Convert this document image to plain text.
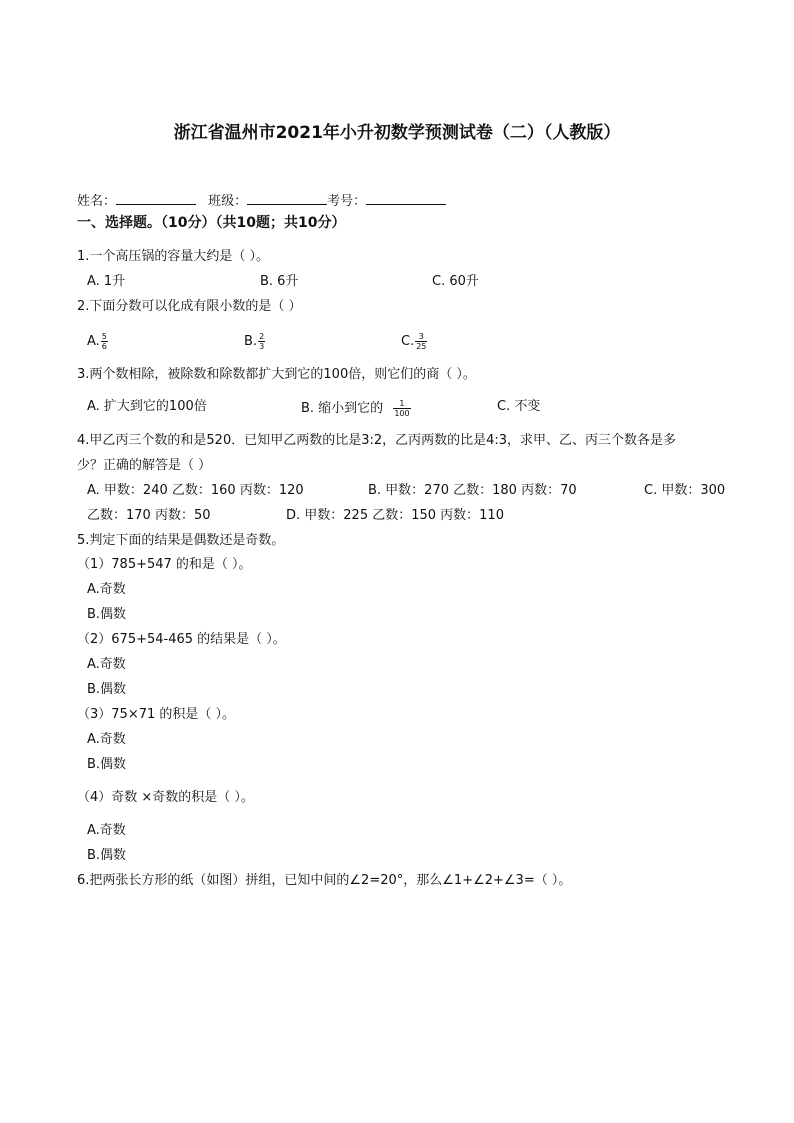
浙江省温州市2021年小升初数学预测试卷（二）（人教版）
姓名：	班级：	考号：
一、选择题。（10分）（共10题；共10分）
1.一个高压锅的容量大约是（ ）。
A. 1升	B. 6升	C. 60升
2.下面分数可以化成有限小数的是（ ）
A. $\frac{5}{6}$	B. $\frac{2}{3}$	C. $\frac{3}{25}$
3.两个数相除，被除数和除数都扩大到它的100倍，则它们的商（ ）。
A. 扩大到它的100倍	B. 缩小到它的 $\frac{1}{100}$	C. 不变
4.甲乙丙三个数的和是520．已知甲乙两数的比是3:2，乙丙两数的比是4:3，求甲、乙、丙三个数各是多
少？正确的解答是（ ）
A. 甲数：240 乙数：160 丙数：120	B. 甲数：270 乙数：180 丙数：70	C. 甲数：300
乙数：170 丙数：50	D. 甲数：225 乙数：150 丙数：110
5.判定下面的结果是偶数还是奇数。
（1）785+547 的和是（ ）。
A.奇数
B.偶数
（2）675+54-465 的结果是（ ）。
A.奇数
B.偶数
（3）75×71 的积是（ ）。
A.奇数
B.偶数
（4）奇数 ×奇数的积是（ ）。
A.奇数
B.偶数
6.把两张长方形的纸（如图）拼组，已知中间的∠2=20°，那么∠1+∠2+∠3=（ ）。
